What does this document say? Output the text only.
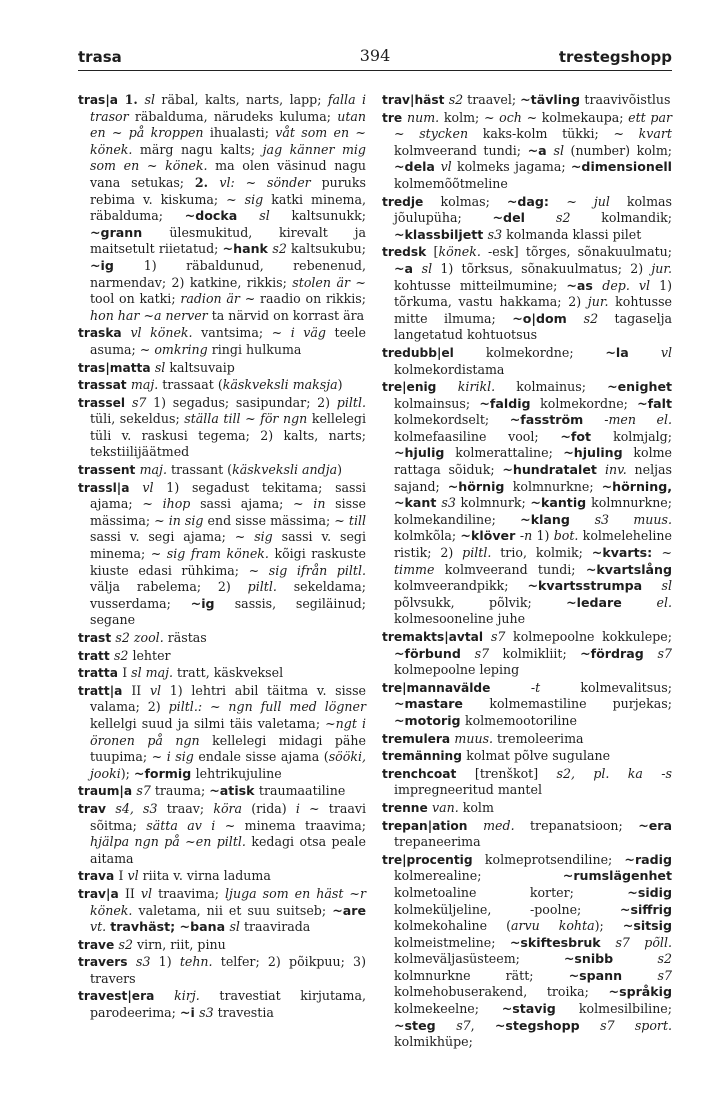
trasa	394	trestegshopp
tras|a 1. sl räbal, kalts, narts, lapp; falla i trasor räbalduma, närudeks kuluma; utan en ~ på kroppen ihualasti; våt som en ~ könek. märg nagu kalts; jag känner mig som en ~ könek. ma olen väsinud nagu vana setukas; 2. vl: ~ sönder puruks rebima v. kiskuma; ~ sig katki minema, räbalduma; ~docka sl kaltsunukk; ~grann ülesmukitud, kirevalt ja maitsetult riietatud; ~hank s2 kaltsukubu; ~ig 1) räbaldunud, rebenenud, narmendav; 2) katkine, rikkis; stolen är ~ tool on katki; radion är ~ raadio on rikkis; hon har ~a nerver ta närvid on korrast ära
traska vl könek. vantsima; ~ i väg teele asuma; ~ omkring ringi hulkuma
tras|matta sl kaltsuvaip
trassat maj. trassaat (käskveksli maksja)
trassel s7 1) segadus; sasipundar; 2) piltl. tüli, sekeldus; ställa till ~ för ngn kellelegi tüli v. raskusi tegema; 2) kalts, narts; tekstiilijäätmed
trassent maj. trassant (käskveksli andja)
trassl|a vl 1) segadust tekitama; sassi ajama; ~ ihop sassi ajama; ~ in sisse mässima; ~ in sig end sisse mässima; ~ till sassi v. segi ajama; ~ sig sassi v. segi minema; ~ sig fram könek. kõigi raskuste kiuste edasi rühkima; ~ sig ifrån piltl. välja rabelema; 2) piltl. sekeldama; vusserdama; ~ig sassis, segiläinud; segane
trast s2 zool. rästas
tratt s2 lehter
tratta I sl maj. tratt, käskveksel
tratt|a II vl 1) lehtri abil täitma v. sisse valama; 2) piltl.: ~ ngn full med lögner kellelgi suud ja silmi täis valetama; ~ngt i öronen på ngn kellelegi midagi pähe tuupima; ~ i sig endale sisse ajama (sööki, jooki); ~formig lehtrikujuline
traum|a s7 trauma; ~atisk traumaatiline
trav s4, s3 traav; köra (rida) i ~ traavi sõitma; sätta av i ~ minema traavima; hjälpa ngn på ~en piltl. kedagi otsa peale aitama
trava I vl riita v. virna laduma
trav|a II vl traavima; ljuga som en häst ~r könek. valetama, nii et suu suitseb; ~are vt. travhäst; ~bana sl traavirada
trave s2 virn, riit, pinu
travers s3 1) tehn. telfer; 2) põikpuu; 3) travers
travest|era kirj. travestiat kirjutama, parodeerima; ~i s3 travestia
trav|häst s2 traavel; ~tävling traavivõistlus
tre num. kolm; ~ och ~ kolmekaupa; ett par ~ stycken kaks-kolm tükki; ~ kvart kolmveerand tundi; ~a sl (number) kolm; ~dela vl kolmeks jagama; ~dimensionell kolmemõõtmeline
tredje kolmas; ~dag: ~ jul kolmas jõulupüha; ~del s2 kolmandik; ~klassbiljett s3 kolmanda klassi pilet
tredsk [könek. -esk] tõrges, sõnakuulmatu; ~a sl 1) tõrksus, sõnakuulmatus; 2) jur. kohtusse mitteilmumine; ~as dep. vl 1) tõrkuma, vastu hakkama; 2) jur. kohtusse mitte ilmuma; ~o|dom s2 tagaselja langetatud kohtuotsus
tredubb|el kolmekordne; ~la vl kolmekordistama
tre|enig kirikl. kolmainus; ~enighet kolmainsus; ~faldig kolmekordne; ~falt kolmekordselt; ~fasström -men el. kolmefaasiline vool; ~fot kolmjalg; ~hjulig kolmerattaline; ~hjuling kolme rattaga sõiduk; ~hundratalet inv. neljas sajand; ~hörnig kolmnurkne; ~hörning, ~kant s3 kolmnurk; ~kantig kolmnurkne; kolmekandiline; ~klang s3 muus. kolmkõla; ~klöver -n 1) bot. kolmeleheline ristik; 2) piltl. trio, kolmik; ~kvarts: ~ timme kolmveerand tundi; ~kvartslång kolmveerandpikk; ~kvartsstrumpa sl põlvsukk, põlvik; ~ledare el. kolmesooneline juhe
tremakts|avtal s7 kolmepoolne kokkulepe; ~förbund s7 kolmikliit; ~fördrag s7 kolmepoolne leping
tre|mannavälde -t kolmevalitsus; ~mastare kolmemastiline purjekas; ~motorig kolmemootoriline
tremulera muus. tremoleerima
tremänning kolmat põlve sugulane
trenchcoat [trenškot] s2, pl. ka -s impregneeritud mantel
trenne van. kolm
trepan|ation med. trepanatsioon; ~era trepaneerima
tre|procentig kolmeprotsendiline; ~radig kolmerealine; ~rumslägenhet kolmetoaline korter; ~sidig kolmeküljeline, -poolne; ~siffrig kolmekohaline (arvu kohta); ~sitsig kolmeistmeline; ~skiftesbruk s7 põll. kolmeväljasüsteem; ~snibb s2 kolmnurkne rätt; ~spann s7 kolmehobuserakend, troika; ~språkig kolmekeelne; ~stavig kolmesilbiline; ~steg s7, ~stegshopp s7 sport. kolmikhüpe;
